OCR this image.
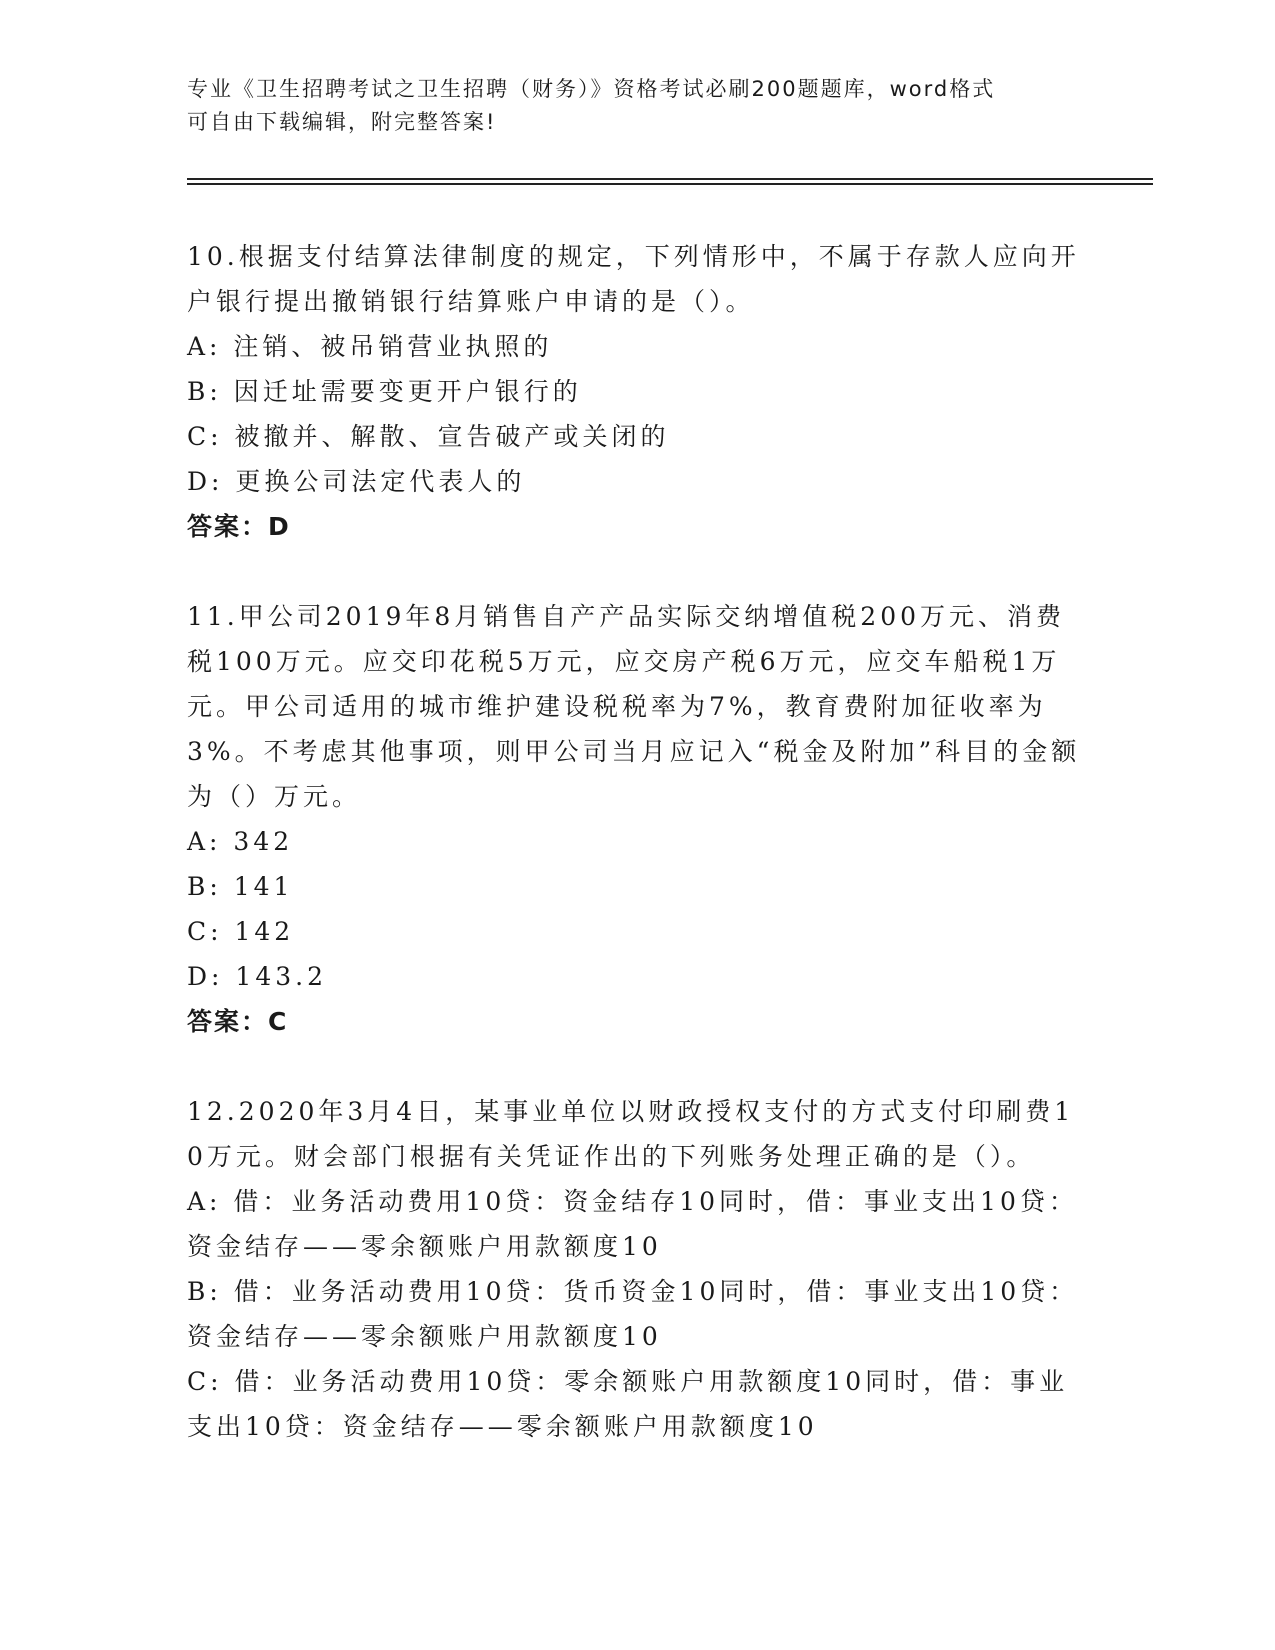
专业《卫生招聘考试之卫生招聘（财务）》资格考试必刷200题题库，word格式
可自由下载编辑，附完整答案!

10.根据支付结算法律制度的规定，下列情形中，不属于存款人应向开户银行提出撤销银行结算账户申请的是（）。

A: 注销、被吊销营业执照的

B: 因迁址需要变更开户银行的

C: 被撤并、解散、宣告破产或关闭的

D: 更换公司法定代表人的

答案：D

11.甲公司2019年8月销售自产产品实际交纳增值税200万元、消费税100万元。应交印花税5万元，应交房产税6万元，应交车船税1万元。甲公司适用的城市维护建设税税率为7%，教育费附加征收率为3%。不考虑其他事项，则甲公司当月应记入“税金及附加”科目的金额为（）万元。

A: 342

B: 141

C: 142

D: 143.2

答案：C

12.2020年3月4日，某事业单位以财政授权支付的方式支付印刷费10万元。财会部门根据有关凭证作出的下列账务处理正确的是（）。

A: 借：业务活动费用10贷：资金结存10同时，借：事业支出10贷：资金结存——零余额账户用款额度10

B: 借：业务活动费用10贷：货币资金10同时，借：事业支出10贷：资金结存——零余额账户用款额度10

C: 借：业务活动费用10贷：零余额账户用款额度10同时，借：事业支出10贷：资金结存——零余额账户用款额度10
